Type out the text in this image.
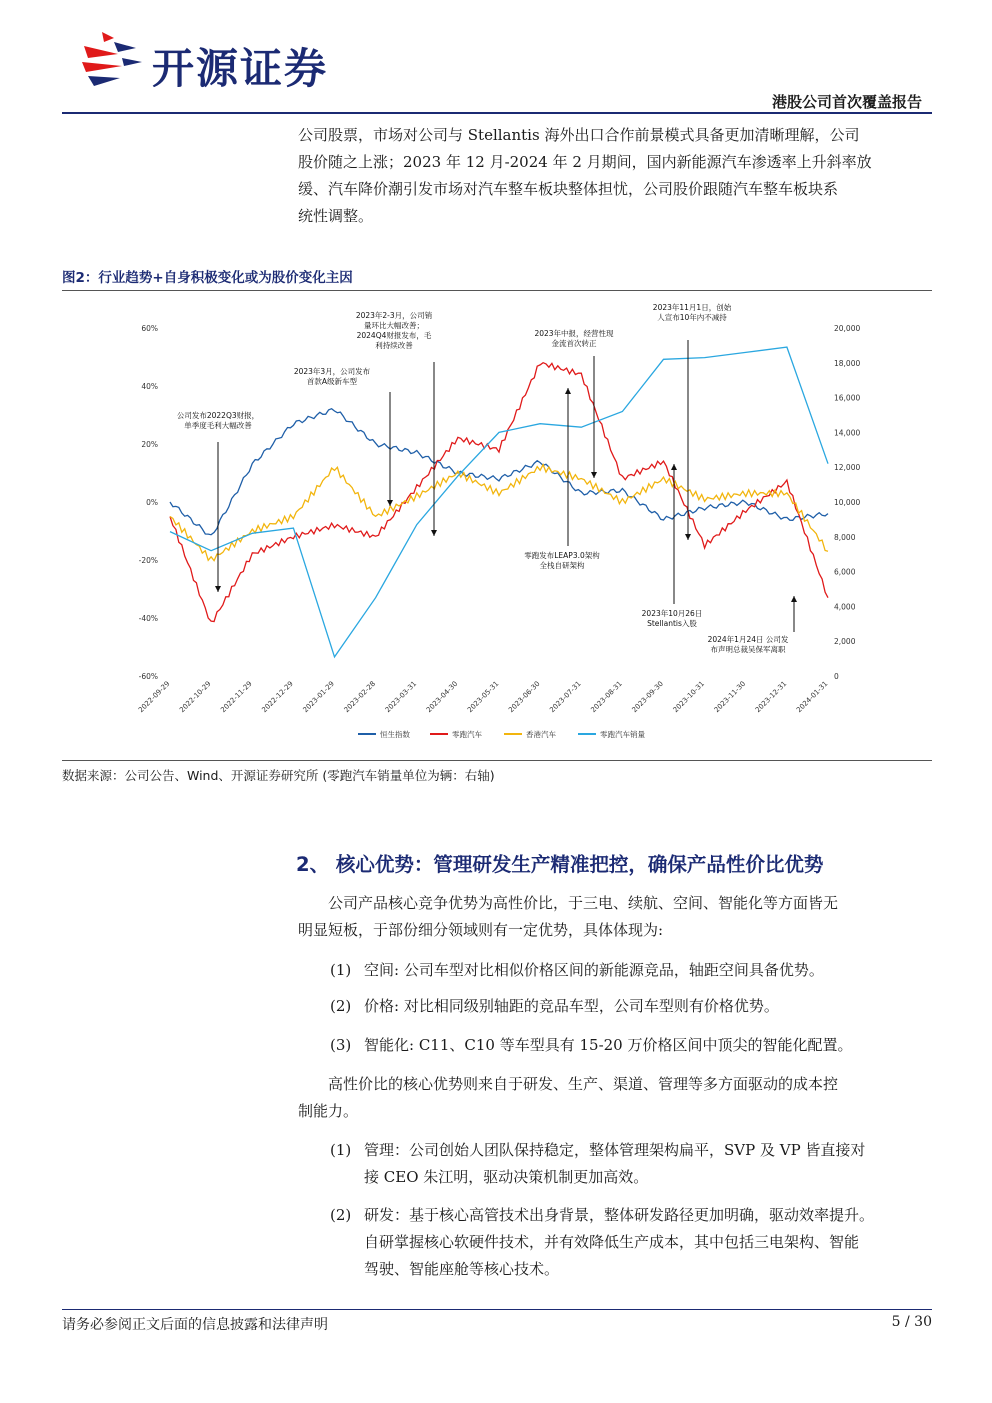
开源证券
港股公司首次覆盖报告
公司股票，市场对公司与 Stellantis 海外出口合作前景模式具备更加清晰理解，公司
股价随之上涨；2023 年 12 月-2024 年 2 月期间，国内新能源汽车渗透率上升斜率放
缓、汽车降价潮引发市场对汽车整车板块整体担忧，公司股价跟随汽车整车板块系
统性调整。
图2：行业趋势+自身积极变化或为股价变化主因
60%
40%
20%
0%
-20%
-40%
-60%
20,000
18,000
16,000
14,000
12,000
10,000
8,000
6,000
4,000
2,000
0
2022-09-29 2022-10-29 2022-11-29 2022-12-29 2023-01-29 2023-02-28 2023-03-31 2023-04-30 2023-05-31 2023-06-30 2023-07-31 2023-08-31 2023-09-30 2023-10-31 2023-11-30 2023-12-31 2024-01-31
公司发布2022Q3财报，
单季度毛利大幅改善
2023年3月，公司发布
首款A级新车型
2023年2-3月，公司销
量环比大幅改善；
2024Q4财报发布，毛
利持续改善
2023年中报，经营性现
金流首次转正
零跑发布LEAP3.0架构
全栈自研架构
2023年11月1日，创始
人宣布10年内不减持
2023年10月26日
Stellantis入股
2024年1月24日 公司发
布声明总裁吴保军离职
恒生指数	零跑汽车	香港汽车	零跑汽车销量
数据来源：公司公告、Wind、开源证券研究所 (零跑汽车销量单位为辆：右轴)
2、 核心优势：管理研发生产精准把控，确保产品性价比优势
公司产品核心竞争优势为高性价比，于三电、续航、空间、智能化等方面皆无
明显短板，于部份细分领域则有一定优势，具体体现为:
(1) 空间: 公司车型对比相似价格区间的新能源竞品，轴距空间具备优势。
(2) 价格: 对比相同级别轴距的竞品车型，公司车型则有价格优势。
(3) 智能化: C11、C10 等车型具有 15-20 万价格区间中顶尖的智能化配置。
高性价比的核心优势则来自于研发、生产、渠道、管理等多方面驱动的成本控
制能力。
(1) 管理：公司创始人团队保持稳定，整体管理架构扁平，SVP 及 VP 皆直接对
接 CEO 朱江明，驱动决策机制更加高效。
(2) 研发：基于核心高管技术出身背景，整体研发路径更加明确，驱动效率提升。
自研掌握核心软硬件技术，并有效降低生产成本，其中包括三电架构、智能
驾驶、智能座舱等核心技术。
请务必参阅正文后面的信息披露和法律声明	5 / 30
